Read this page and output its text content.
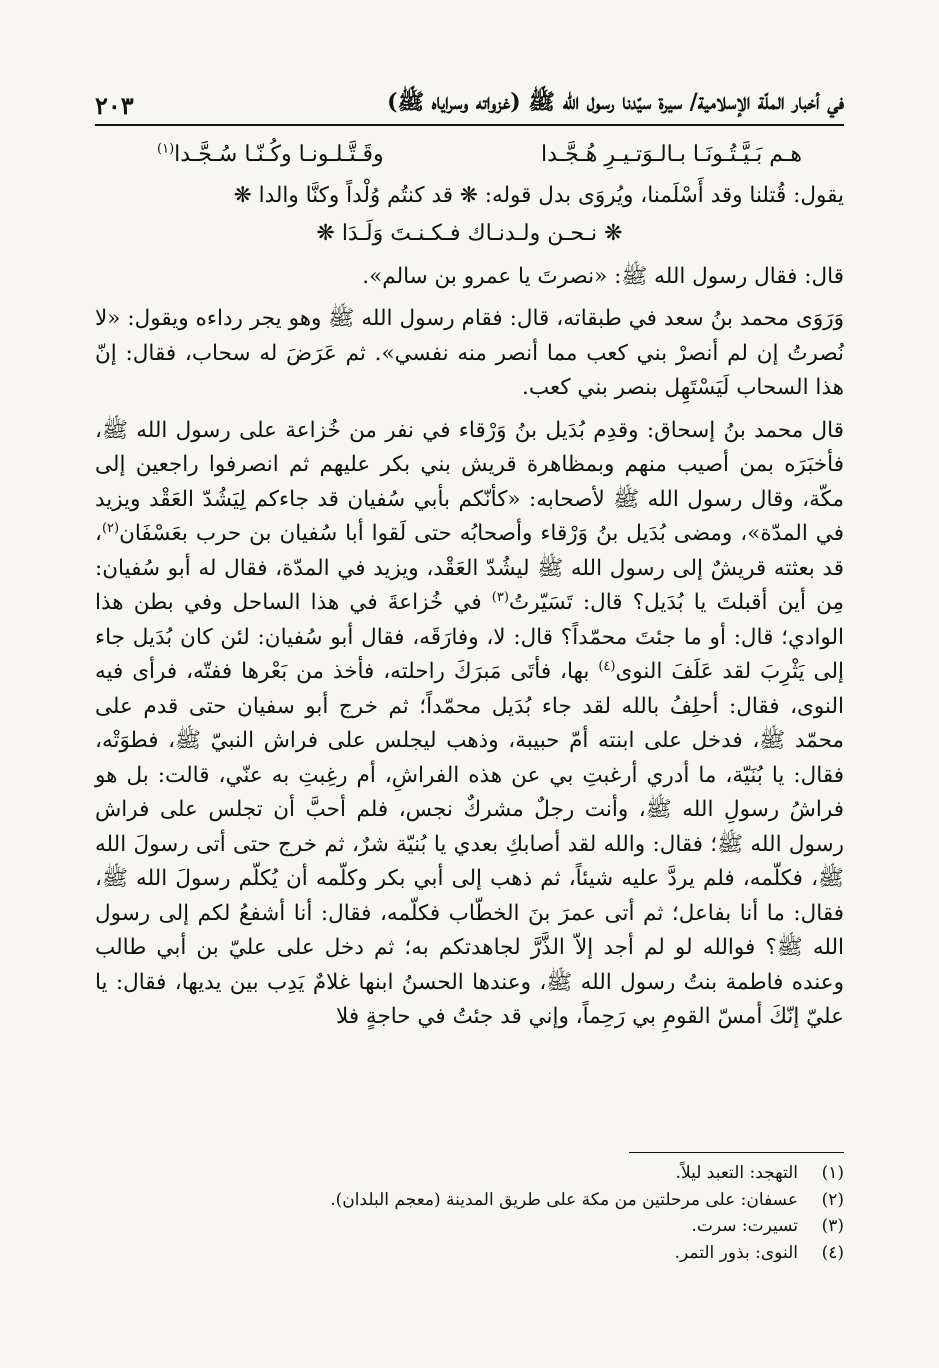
في أخبار الملّة الإسلامية/ سيرة سيّدنا رسول الله ﷺ (غزواته وسراياه ﷺ)
٢٠٣
هـم بَـيَّـتُـونَـا بـالـوَتـيـرِ هُـجَّـدا
وقَـتَّـلـونـا وكُـنّـا سُـجَّـدا$^{(١)}$

يقول: قُتلنا وقد أَسْلَمنا، ويُروَى بدل قوله: ❋ قد كنتُم وُلْداً وكنَّا والدا ❋

❋ نـحـن ولـدنـاك فـكـنـتَ وَلَـدَا ❋

قال: فقال رسول الله ﷺ: «نصرتَ يا عمرو بن سالم».

وَرَوَى محمد بنُ سعد في طبقاته، قال: فقام رسول الله ﷺ وهو يجر رداءه ويقول: «لا نُصرتُ إن لم أنصرْ بني كعب مما أنصر منه نفسي». ثم عَرَضَ له سحاب، فقال: إنّ هذا السحاب لَيَسْتَهِل بنصر بني كعب.

قال محمد بنُ إسحاق: وقدِم بُدَيل بنُ وَرْقاء في نفر من خُزاعة على رسول الله ﷺ، فأخبَرَه بمن أصيب منهم وبمظاهرة قريش بني بكر عليهم ثم انصرفوا راجعين إلى مكّة، وقال رسول الله ﷺ لأصحابه: «كأنّكم بأبي سُفيان قد جاءكم لِيَشُدّ العَقْد ويزيد في المدّة»، ومضى بُدَيل بنُ وَرْقاء وأصحابُه حتى لَقوا أبا سُفيان بن حرب بعَسْفَان$^{(٢)}$، قد بعثته قريشٌ إلى رسول الله ﷺ ليشُدّ العَقْد، ويزيد في المدّة، فقال له أبو سُفيان: مِن أين أقبلتَ يا بُدَيل؟ قال: تَسَيّرتُ$^{(٣)}$ في خُزاعةَ في هذا الساحل وفي بطن هذا الوادي؛ قال: أو ما جئتَ محمّداً؟ قال: لا، وفارَقَه، فقال أبو سُفيان: لئن كان بُدَيل جاء إلى يَثْرِبَ لقد عَلَفَ النوى$^{(٤)}$ بها، فأتَى مَبرَكَ راحلته، فأخذ من بَعْرها ففتّه، فرأى فيه النوى، فقال: أحلِفُ بالله لقد جاء بُدَيل محمّداً؛ ثم خرج أبو سفيان حتى قدم على محمّد ﷺ، فدخل على ابنته أمّ حبيبة، وذهب ليجلس على فراش النبيّ ﷺ، فطوَتْه، فقال: يا بُنَيّة، ما أدري أرغبتِ بي عن هذه الفراشِ، أم رغِبتِ به عنّي، قالت: بل هو فراشُ رسولِ الله ﷺ، وأنت رجلٌ مشركٌ نجس، فلم أحبَّ أن تجلس على فراش رسول الله ﷺ؛ فقال: والله لقد أصابكِ بعدي يا بُنيّة شرٌ، ثم خرج حتى أتى رسولَ الله ﷺ، فكلّمه، فلم يردَّ عليه شيئاً، ثم ذهب إلى أبي بكر وكلّمه أن يُكلّم رسولَ الله ﷺ، فقال: ما أنا بفاعل؛ ثم أتى عمرَ بنَ الخطّاب فكلّمه، فقال: أنا أشفعُ لكم إلى رسول الله ﷺ؟ فوالله لو لم أجد إلاّ الذَّرَّ لجاهدتكم به؛ ثم دخل على عليّ بن أبي طالب وعنده فاطمة بنتُ رسول الله ﷺ، وعندها الحسنُ ابنها غلامٌ يَدِب بين يديها، فقال: يا عليّ إنّكَ أمسّ القومِ بي رَحِماً، وإني قد جئتُ في حاجةٍ فلا

(١)
التهجد: التعبد ليلاً.
(٢)
عسفان: على مرحلتين من مكة على طريق المدينة (معجم البلدان).
(٣)
تسيرت: سرت.
(٤)
النوى: بذور التمر.
